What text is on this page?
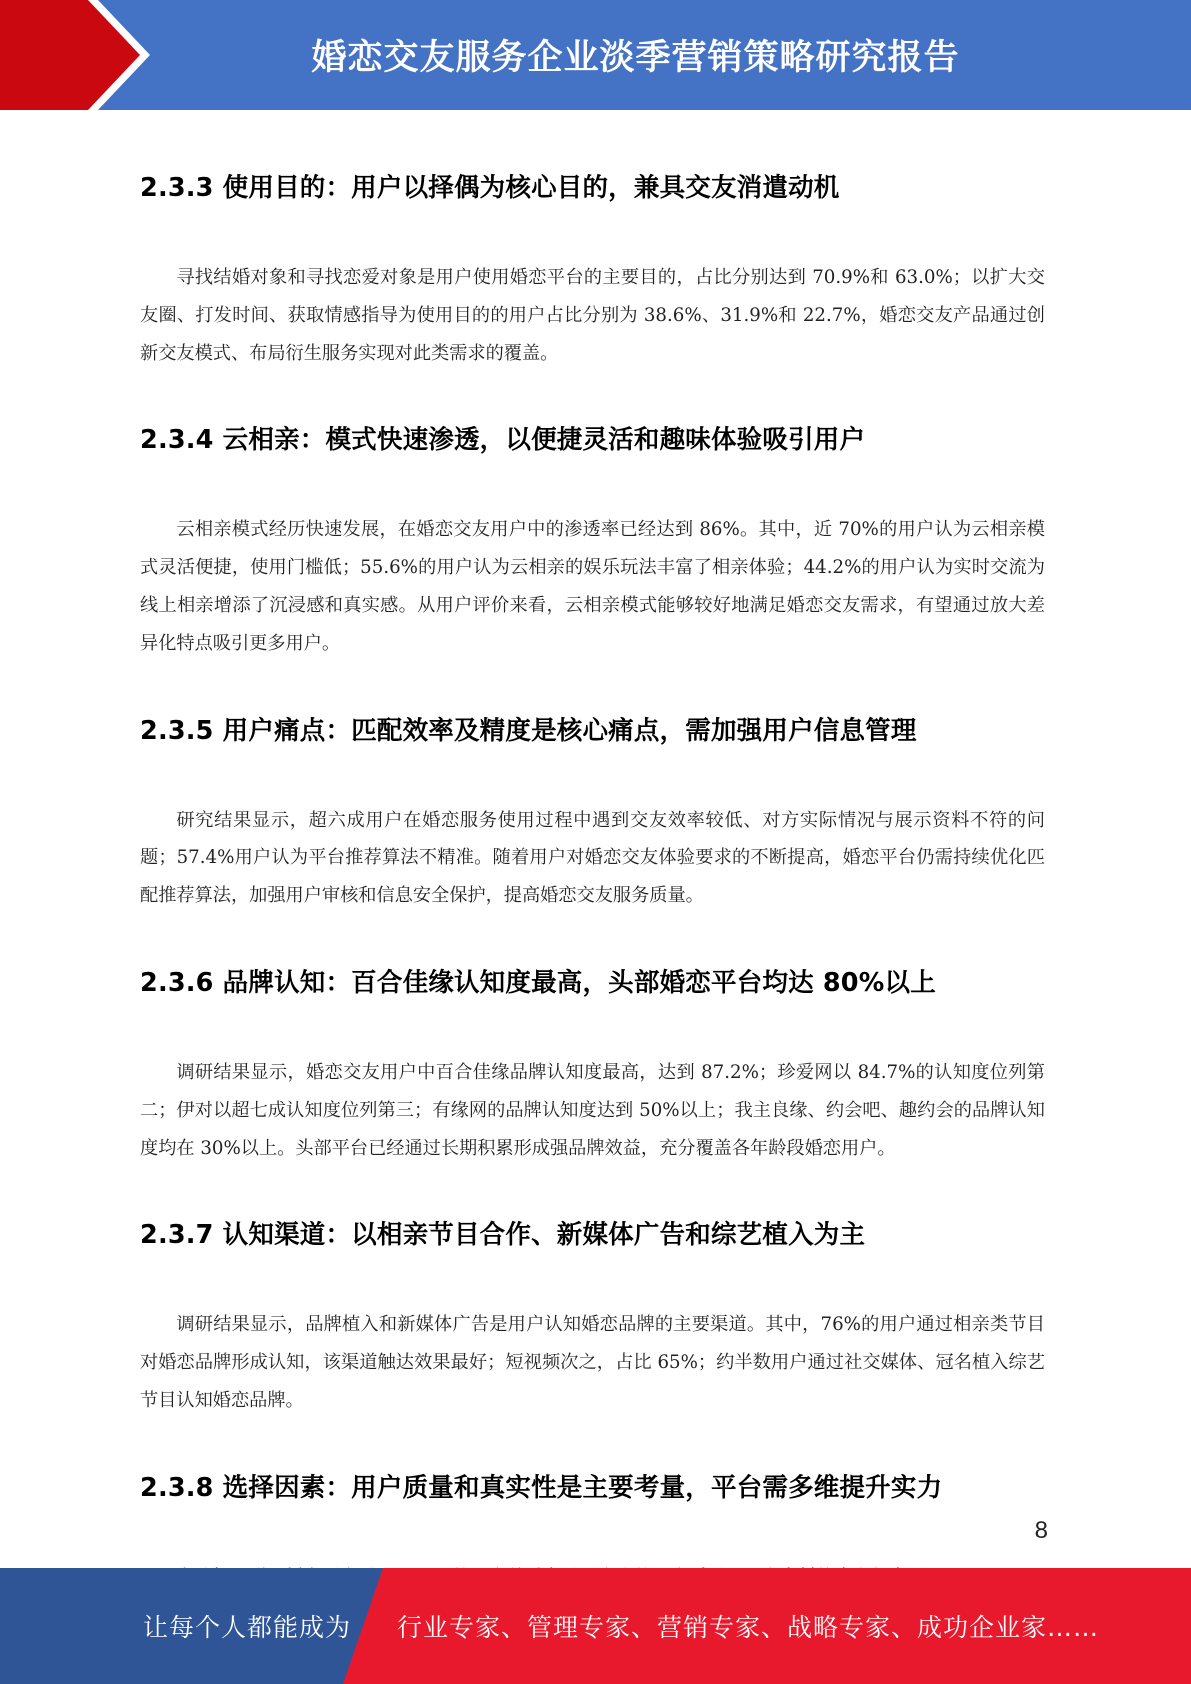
婚恋交友服务企业淡季营销策略研究报告
2.3.3 使用目的：用户以择偶为核心目的，兼具交友消遣动机

寻找结婚对象和寻找恋爱对象是用户使用婚恋平台的主要目的，占比分别达到 70.9%和 63.0%；以扩大交友圈、打发时间、获取情感指导为使用目的的用户占比分别为 38.6%、31.9%和 22.7%，婚恋交友产品通过创新交友模式、布局衍生服务实现对此类需求的覆盖。

2.3.4 云相亲：模式快速渗透，以便捷灵活和趣味体验吸引用户

云相亲模式经历快速发展，在婚恋交友用户中的渗透率已经达到 86%。其中，近 70%的用户认为云相亲模式灵活便捷，使用门槛低；55.6%的用户认为云相亲的娱乐玩法丰富了相亲体验；44.2%的用户认为实时交流为线上相亲增添了沉浸感和真实感。从用户评价来看，云相亲模式能够较好地满足婚恋交友需求，有望通过放大差异化特点吸引更多用户。

2.3.5 用户痛点：匹配效率及精度是核心痛点，需加强用户信息管理

研究结果显示，超六成用户在婚恋服务使用过程中遇到交友效率较低、对方实际情况与展示资料不符的问题；57.4%用户认为平台推荐算法不精准。随着用户对婚恋交友体验要求的不断提高，婚恋平台仍需持续优化匹配推荐算法，加强用户审核和信息安全保护，提高婚恋交友服务质量。

2.3.6 品牌认知：百合佳缘认知度最高，头部婚恋平台均达 80%以上

调研结果显示，婚恋交友用户中百合佳缘品牌认知度最高，达到 87.2%；珍爱网以 84.7%的认知度位列第二；伊对以超七成认知度位列第三；有缘网的品牌认知度达到 50%以上；我主良缘、约会吧、趣约会的品牌认知度均在 30%以上。头部平台已经通过长期积累形成强品牌效益，充分覆盖各年龄段婚恋用户。

2.3.7 认知渠道：以相亲节目合作、新媒体广告和综艺植入为主

调研结果显示，品牌植入和新媒体广告是用户认知婚恋品牌的主要渠道。其中，76%的用户通过相亲类节目对婚恋品牌形成认知，该渠道触达效果最好；短视频次之，占比 65%；约半数用户通过社交媒体、冠名植入综艺节目认知婚恋品牌。

2.3.8 选择因素：用户质量和真实性是主要考量，平台需多维提升实力

8
让每个人都能成为 行业专家、管理专家、营销专家、战略专家、成功企业家……
